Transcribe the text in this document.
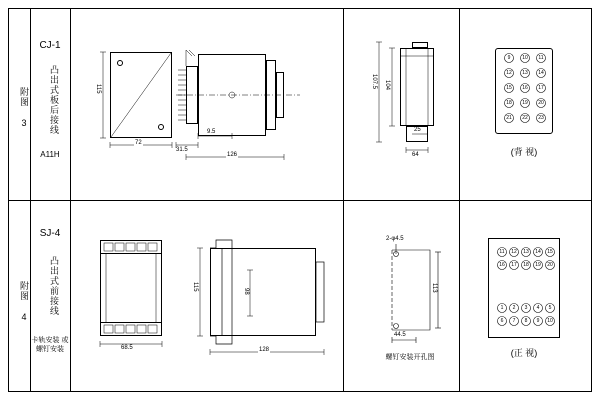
附图 3
CJ-1
凸出式板后接线
A11H
115
72
31.5
9.5
126
107.5 104
25
64
9	10	11
12	13	14
15	16	17
18	19	20
21	22	23
(背 视)
附图 4
SJ-4
凸出式前接线
卡轨安装 或 螺钉安装	68.5
115	98
128
2-φ4.5
113
44.5
螺钉安装开孔图
11	12	13	14	15
16	17	18	19	20
1	2	3	4	5
6	7	8	9	10
(正 视)
